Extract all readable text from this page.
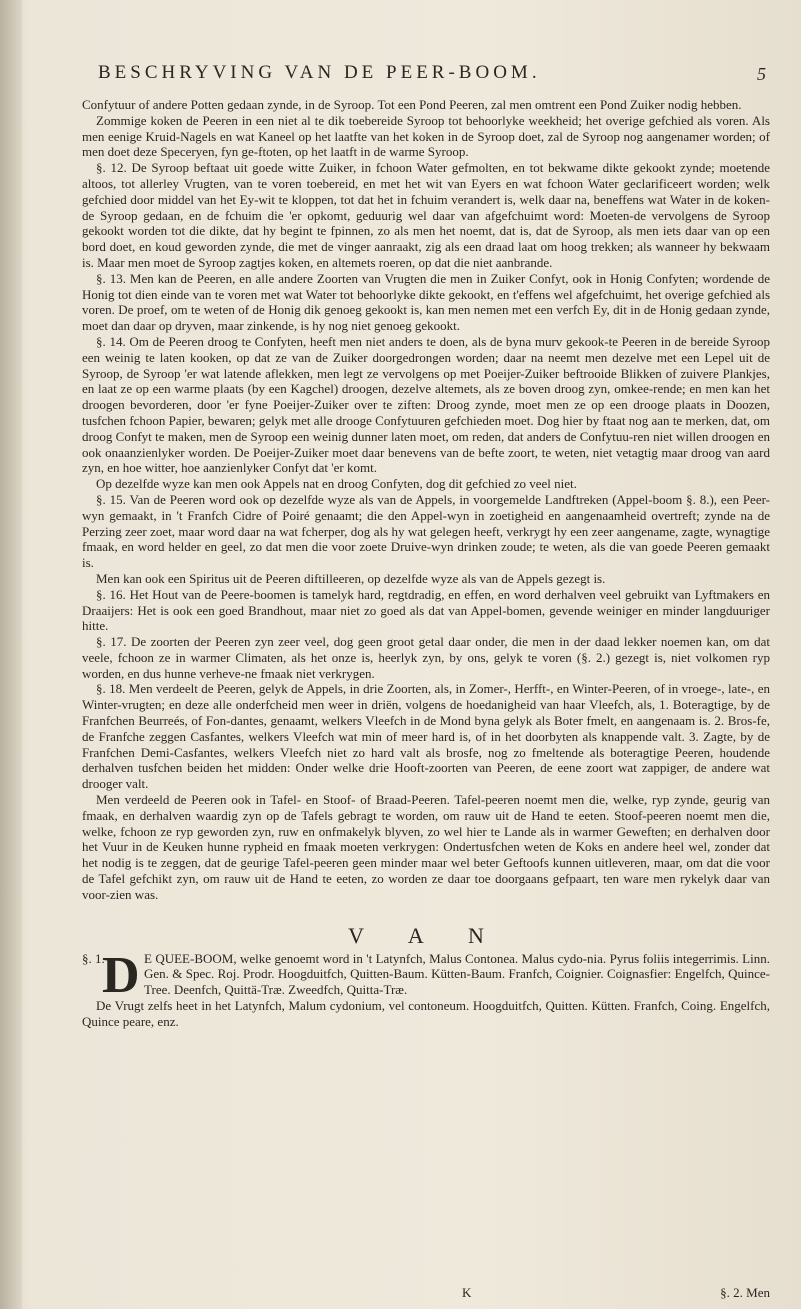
BESCHRYVING VAN DE PEER-BOOM.	5

Confytuur of andere Potten gedaan zynde, in de Syroop. Tot een Pond Peeren, zal men omtrent een Pond Zuiker nodig hebben.

Zommige koken de Peeren in een niet al te dik toebereide Syroop tot behoorlyke weekheid; het overige gefchied als voren. Als men eenige Kruid-Nagels en wat Kaneel op het laatfte van het koken in de Syroop doet, zal de Syroop nog aangenamer worden; of men doet deze Speceryen, fyn ge-ftoten, op het laatft in de warme Syroop.

§. 12. De Syroop beftaat uit goede witte Zuiker, in fchoon Water gefmolten, en tot bekwame dikte gekookt zynde; moetende altoos, tot allerley Vrugten, van te voren toebereid, en met het wit van Eyers en wat fchoon Water geclarificeert worden; welk gefchied door middel van het Ey-wit te kloppen, tot dat het in fchuim verandert is, welk daar na, beneffens wat Water in de koken-de Syroop gedaan, en de fchuim die 'er opkomt, geduurig wel daar van afgefchuimt word: Moeten-de vervolgens de Syroop gekookt worden tot die dikte, dat hy begint te fpinnen, zo als men het noemt, dat is, dat de Syroop, als men iets daar van op een bord doet, en koud geworden zynde, die met de vinger aanraakt, zig als een draad laat om hoog trekken; als wanneer hy bekwaam is. Maar men moet de Syroop zagtjes koken, en altemets roeren, op dat die niet aanbrande.

§. 13. Men kan de Peeren, en alle andere Zoorten van Vrugten die men in Zuiker Confyt, ook in Honig Confyten; wordende de Honig tot dien einde van te voren met wat Water tot behoorlyke dikte gekookt, en t'effens wel afgefchuimt, het overige gefchied als voren. De proef, om te weten of de Honig dik genoeg gekookt is, kan men nemen met een verfch Ey, dit in de Honig gedaan zynde, moet dan daar op dryven, maar zinkende, is hy nog niet genoeg gekookt.

§. 14. Om de Peeren droog te Confyten, heeft men niet anders te doen, als de byna murv gekook-te Peeren in de bereide Syroop een weinig te laten kooken, op dat ze van de Zuiker doorgedrongen worden; daar na neemt men dezelve met een Lepel uit de Syroop, de Syroop 'er wat latende aflekken, men legt ze vervolgens op met Poeijer-Zuiker beftrooide Blikken of zuivere Plankjes, en laat ze op een warme plaats (by een Kagchel) droogen, dezelve altemets, als ze boven droog zyn, omkee-rende; en men kan het droogen bevorderen, door 'er fyne Poeijer-Zuiker over te ziften: Droog zynde, moet men ze op een drooge plaats in Doozen, tusfchen fchoon Papier, bewaren; gelyk met alle drooge Confytuuren gefchieden moet. Dog hier by ftaat nog aan te merken, dat, om droog Confyt te maken, men de Syroop een weinig dunner laten moet, om reden, dat anders de Confytuu-ren niet willen droogen en ook onaanzienlyker worden. De Poeijer-Zuiker moet daar benevens van de befte zoort, te weten, niet vetagtig maar droog van aard zyn, en hoe witter, hoe aanzienlyker Confyt dat 'er komt.

Op dezelfde wyze kan men ook Appels nat en droog Confyten, dog dit gefchied zo veel niet.

§. 15. Van de Peeren word ook op dezelfde wyze als van de Appels, in voorgemelde Landftreken (Appel-boom §. 8.), een Peer-wyn gemaakt, in 't Franfch Cidre of Poiré genaamt; die den Appel-wyn in zoetigheid en aangenaamheid overtreft; zynde na de Perzing zeer zoet, maar word daar na wat fcherper, dog als hy wat gelegen heeft, verkrygt hy een zeer aangename, zagte, wynagtige fmaak, en word helder en geel, zo dat men die voor zoete Druive-wyn drinken zoude; te weten, als die van goede Peeren gemaakt is.

Men kan ook een Spiritus uit de Peeren diftilleeren, op dezelfde wyze als van de Appels gezegt is.

§. 16. Het Hout van de Peere-boomen is tamelyk hard, regtdradig, en effen, en word derhalven veel gebruikt van Lyftmakers en Draaijers: Het is ook een goed Brandhout, maar niet zo goed als dat van Appel-bomen, gevende weiniger en minder langduuriger hitte.

§. 17. De zoorten der Peeren zyn zeer veel, dog geen groot getal daar onder, die men in der daad lekker noemen kan, om dat veele, fchoon ze in warmer Climaten, als het onze is, heerlyk zyn, by ons, gelyk te voren (§. 2.) gezegt is, niet volkomen ryp worden, en dus hunne verheve-ne fmaak niet verkrygen.

§. 18. Men verdeelt de Peeren, gelyk de Appels, in drie Zoorten, als, in Zomer-, Herfft-, en Winter-Peeren, of in vroege-, late-, en Winter-vrugten; en deze alle onderfcheid men weer in driën, volgens de hoedanigheid van haar Vleefch, als, 1. Boteragtige, by de Franfchen Beurreés, of Fon-dantes, genaamt, welkers Vleefch in de Mond byna gelyk als Boter fmelt, en aangenaam is. 2. Bros-fe, de Franfche zeggen Casfantes, welkers Vleefch wat min of meer hard is, of in het doorbyten als knappende valt. 3. Zagte, by de Franfchen Demi-Casfantes, welkers Vleefch niet zo hard valt als brosfe, nog zo fmeltende als boteragtige Peeren, houdende derhalven tusfchen beiden het midden: Onder welke drie Hooft-zoorten van Peeren, de eene zoort wat zappiger, de andere wat drooger valt.

Men verdeeld de Peeren ook in Tafel- en Stoof- of Braad-Peeren. Tafel-peeren noemt men die, welke, ryp zynde, geurig van fmaak, en derhalven waardig zyn op de Tafels gebragt te worden, om rauw uit de Hand te eeten. Stoof-peeren noemt men die, welke, fchoon ze ryp geworden zyn, ruw en onfmakelyk blyven, zo wel hier te Lande als in warmer Geweften; en derhalven door het Vuur in de Keuken hunne rypheid en fmaak moeten verkrygen: Ondertusfchen weten de Koks en andere heel wel, zonder dat het nodig is te zeggen, dat de geurige Tafel-peeren geen minder maar wel beter Geftoofs kunnen uitleveren, maar, om dat die voor de Tafel gefchikt zyn, om rauw uit de Hand te eeten, zo worden ze daar toe doorgaans gefpaart, ten ware men rykelyk daar van voor-zien was.

V A N
§. 1.
D E QUEE-BOOM, welke genoemt word in 't Latynfch, Malus Contonea. Malus cydo-nia. Pyrus foliis integerrimis. Linn. Gen. & Spec. Roj. Prodr. Hoogduitfch, Quitten-Baum. Kütten-Baum. Franfch, Coignier. Coignasfier: Engelfch, Quince-Tree. Deenfch, Quittä-Træ. Zweedfch, Quitta-Træ.

De Vrugt zelfs heet in het Latynfch, Malum cydonium, vel contoneum. Hoogduitfch, Quitten. Kütten. Franfch, Coing. Engelfch, Quince peare, enz.

K	§. 2. Men
